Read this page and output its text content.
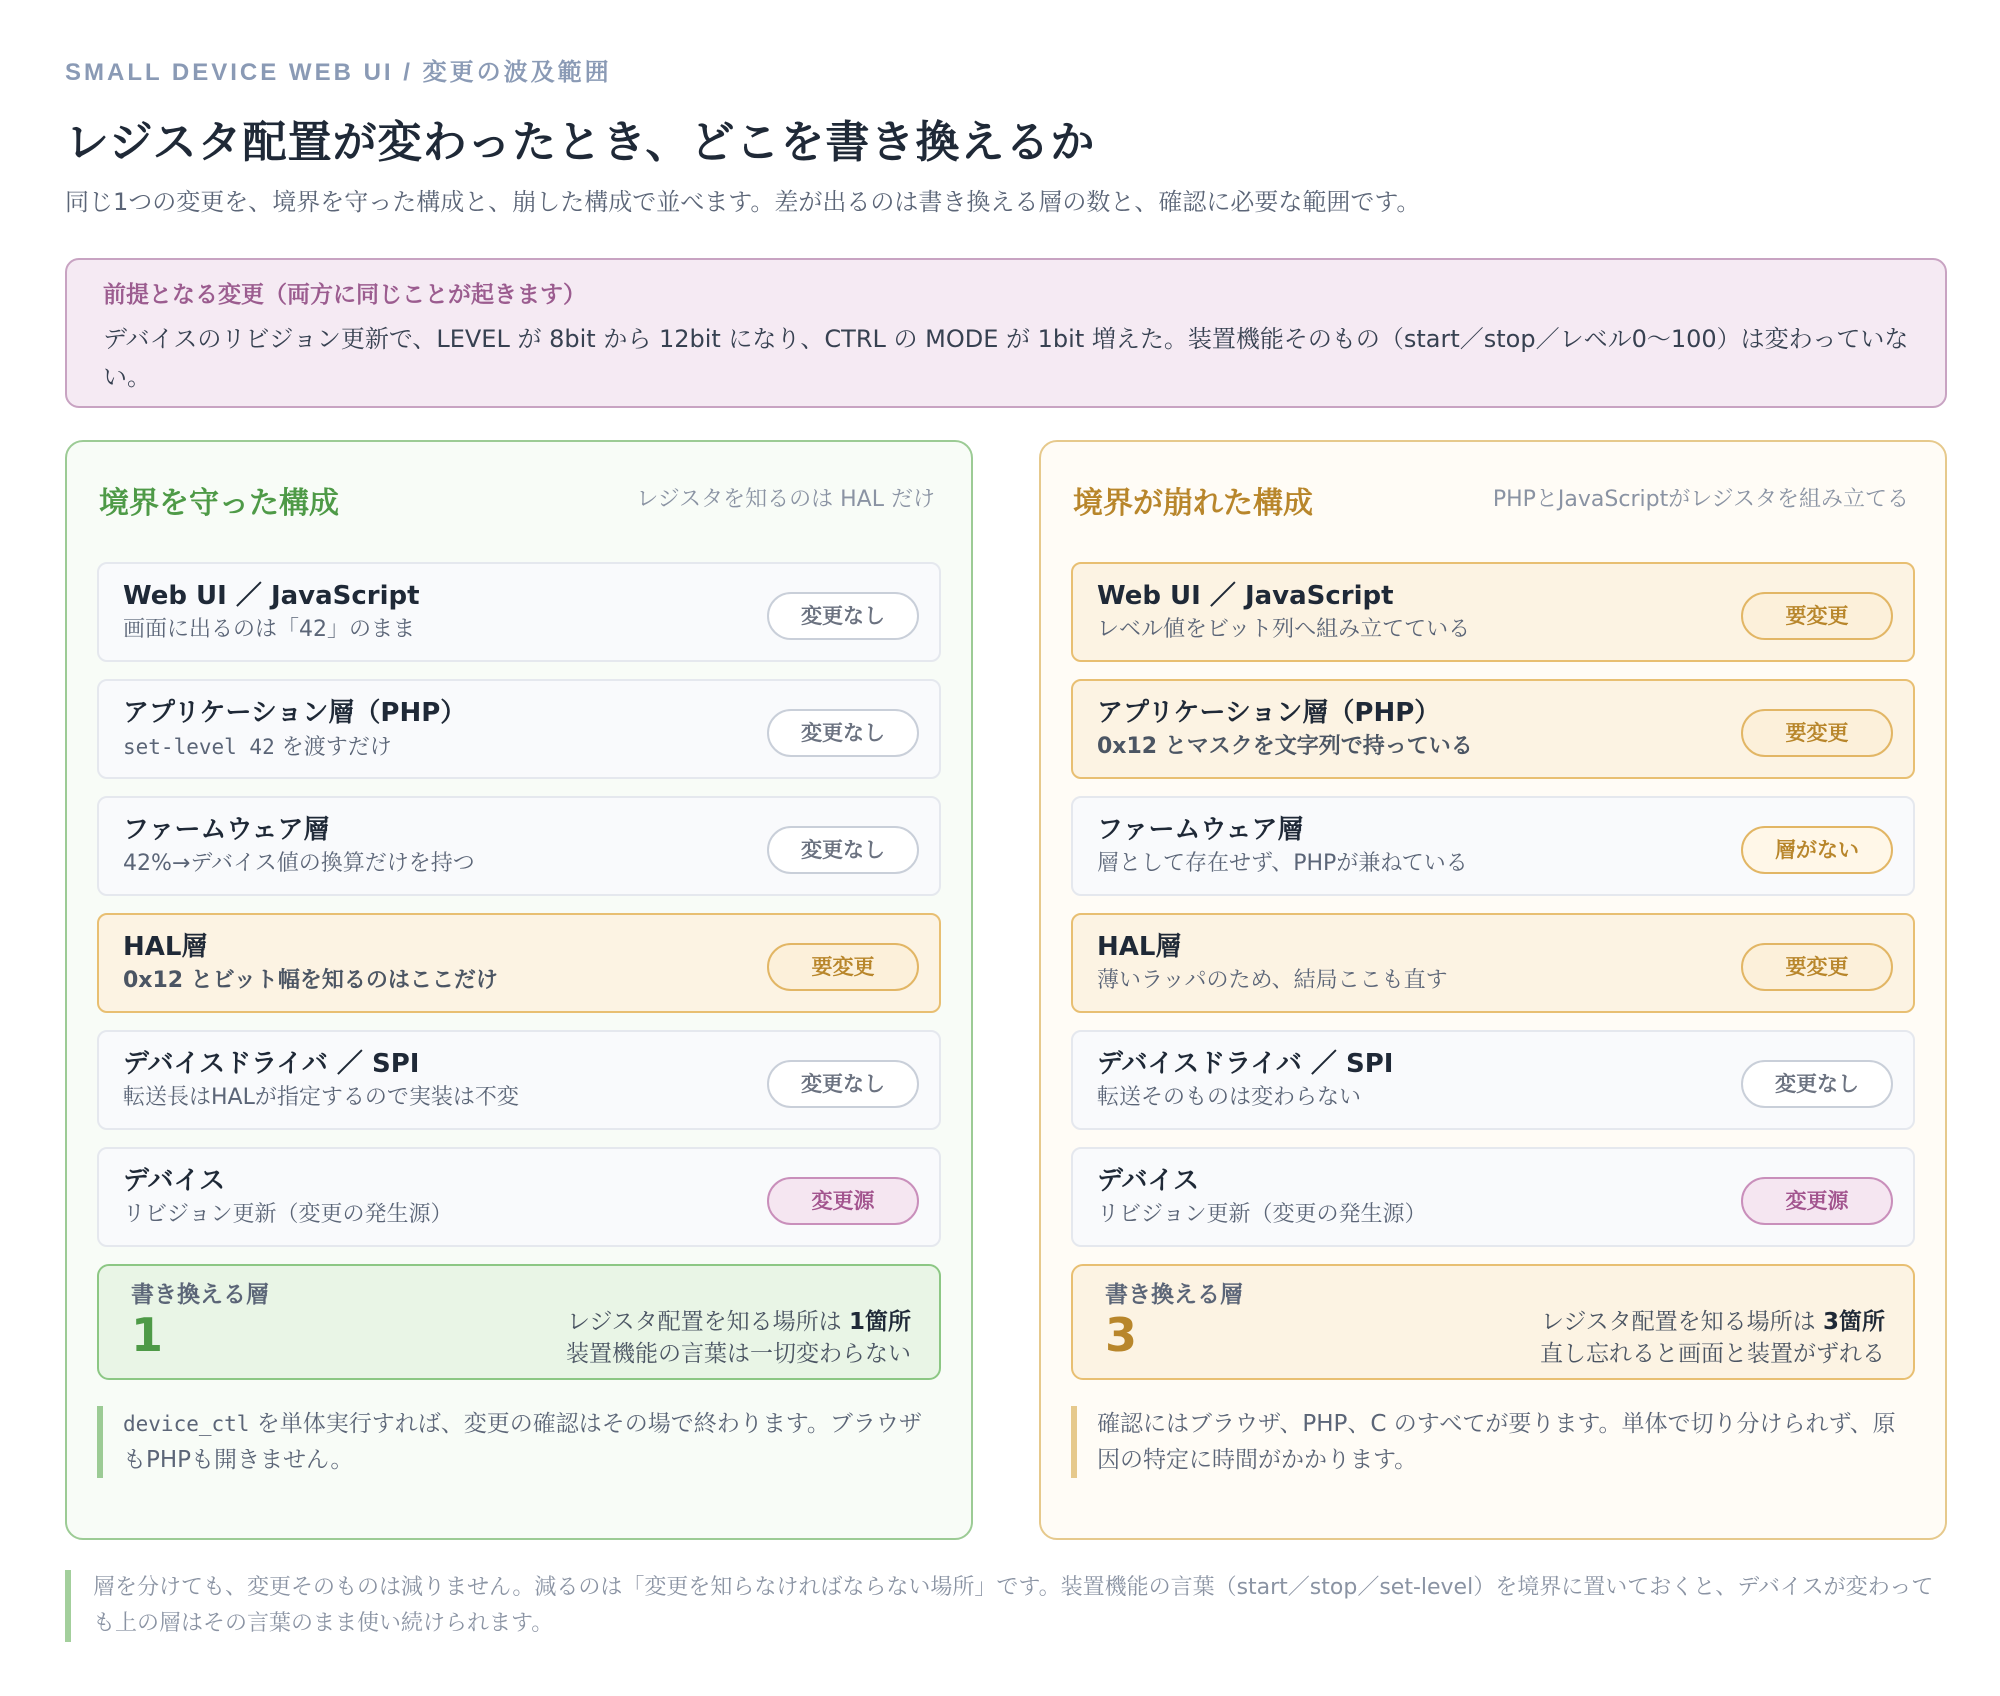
SMALL DEVICE WEB UI / 変更の波及範囲
レジスタ配置が変わったとき、どこを書き換えるか

同じ1つの変更を、境界を守った構成と、崩した構成で並べます。差が出るのは書き換える層の数と、確認に必要な範囲です。

前提となる変更（両方に同じことが起きます）
デバイスのリビジョン更新で、LEVEL が 8bit から 12bit になり、CTRL の MODE が 1bit 増えた。装置機能そのもの（start／stop／レベル0〜100）は変わっていない。
境界を守った構成	レジスタを知るのは HAL だけ
Web UI ／ JavaScript
画面に出るのは「42」のまま
変更なし
アプリケーション層（PHP）
set-level 42 を渡すだけ
変更なし
ファームウェア層
42%→デバイス値の換算だけを持つ
変更なし
HAL層
0x12 とビット幅を知るのはここだけ
要変更
デバイスドライバ ／ SPI
転送長はHALが指定するので実装は不変
変更なし
デバイス
リビジョン更新（変更の発生源）
変更源
書き換える層
1	レジスタ配置を知る場所は 1箇所
装置機能の言葉は一切変わらない
device_ctl を単体実行すれば、変更の確認はその場で終わります。ブラウザもPHPも開きません。
境界が崩れた構成	PHPとJavaScriptがレジスタを組み立てる
Web UI ／ JavaScript
レベル値をビット列へ組み立てている
要変更
アプリケーション層（PHP）
0x12 とマスクを文字列で持っている
要変更
ファームウェア層
層として存在せず、PHPが兼ねている
層がない
HAL層
薄いラッパのため、結局ここも直す
要変更
デバイスドライバ ／ SPI
転送そのものは変わらない
変更なし
デバイス
リビジョン更新（変更の発生源）
変更源
書き換える層
3	レジスタ配置を知る場所は 3箇所
直し忘れると画面と装置がずれる
確認にはブラウザ、PHP、C のすべてが要ります。単体で切り分けられず、原因の特定に時間がかかります。
層を分けても、変更そのものは減りません。減るのは「変更を知らなければならない場所」です。装置機能の言葉（start／stop／set-level）を境界に置いておくと、デバイスが変わっても上の層はその言葉のまま使い続けられます。
